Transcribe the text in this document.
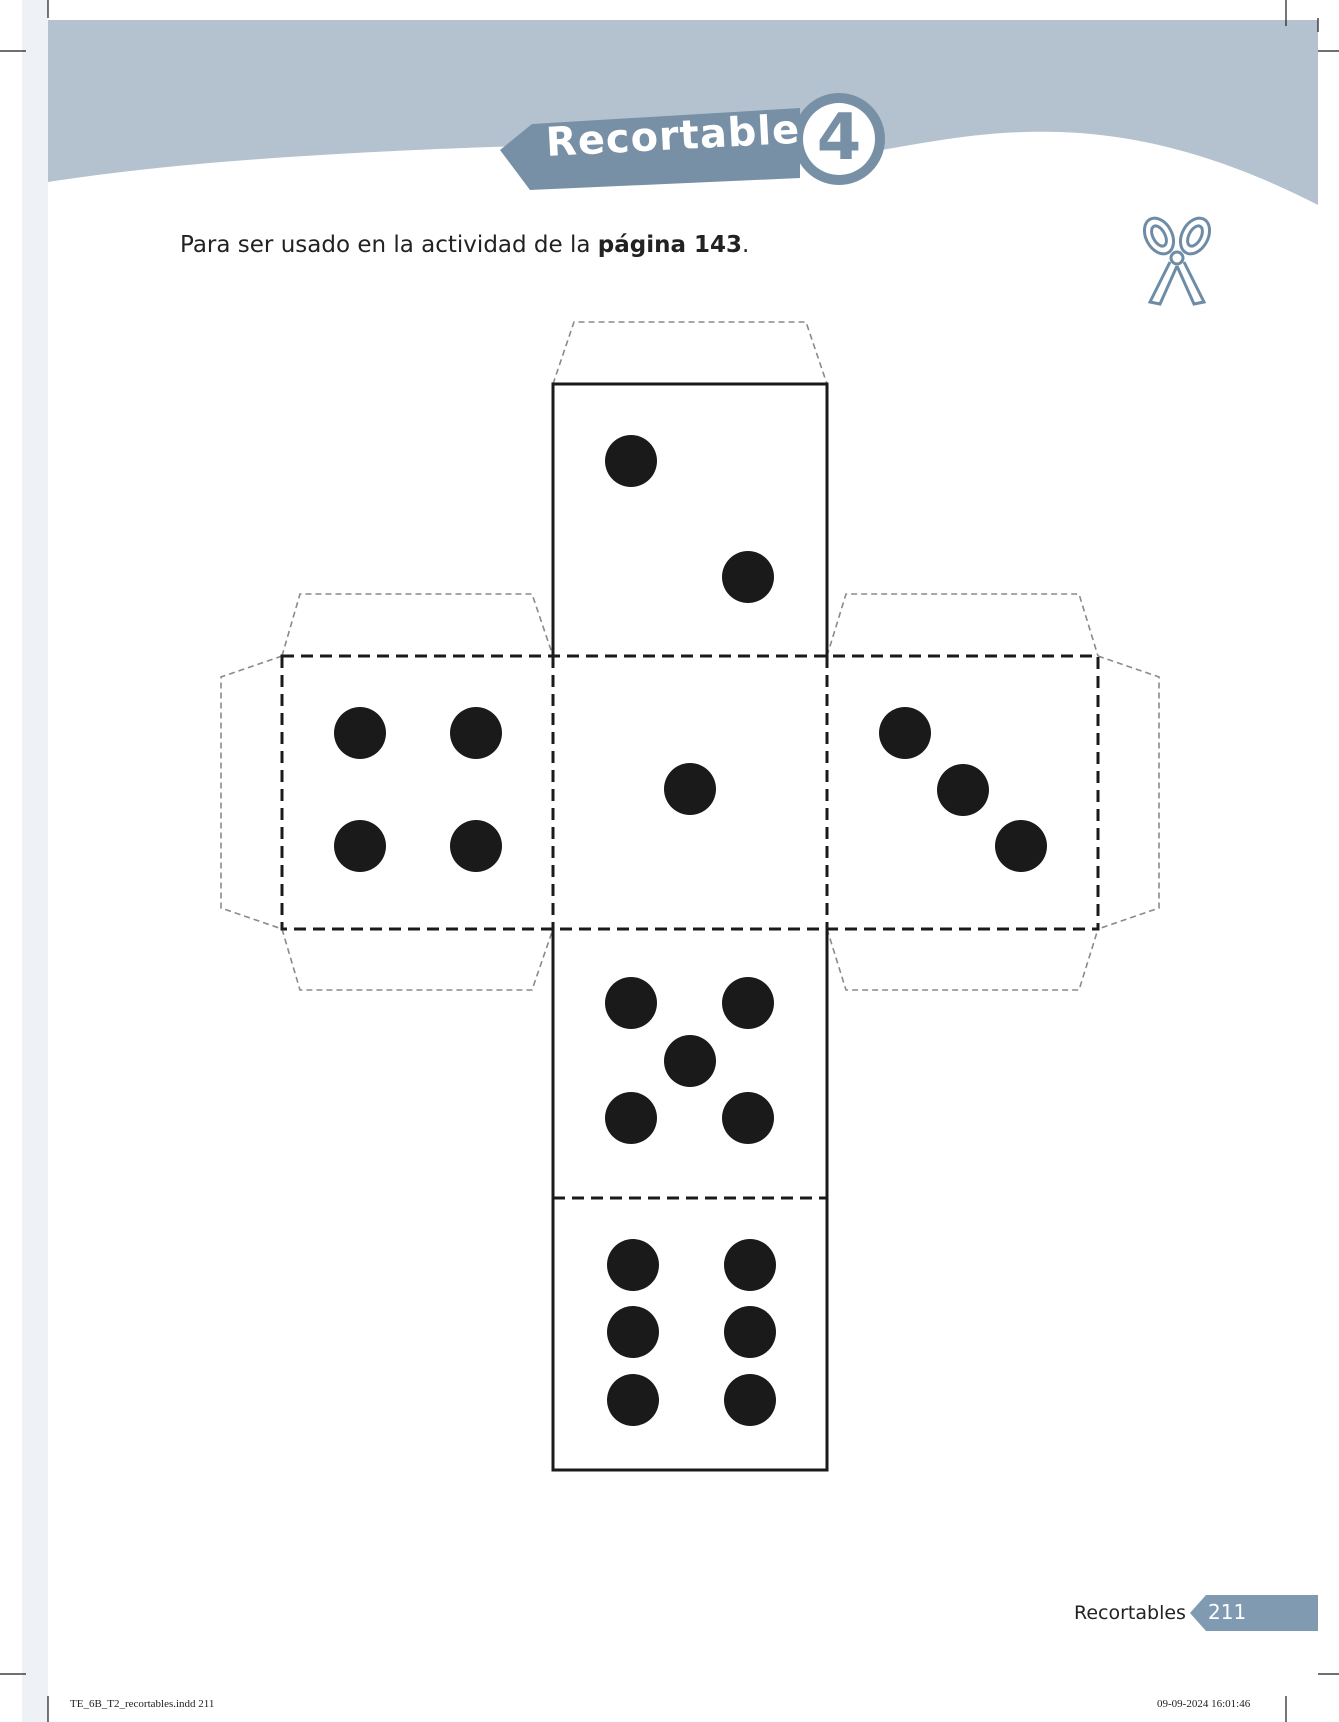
Recortable 4
Para ser usado en la actividad de la página 143.
Recortables 211
TE_6B_T2_recortables.indd 211	09-09-2024 16:01:46
